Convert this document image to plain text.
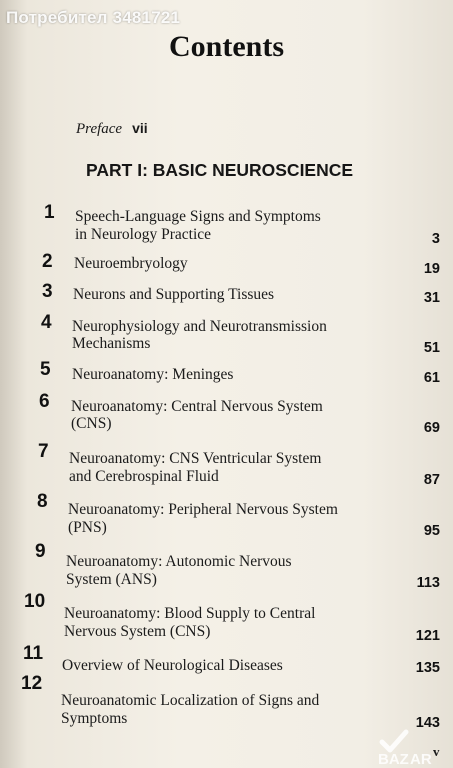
Потребител 3481721
Contents
Preface vii
PART I: BASIC NEUROSCIENCE
1 Speech-Language Signs and Symptoms
in Neurology Practice	3
2 Neuroembryology	19
3 Neurons and Supporting Tissues	31
4 Neurophysiology and Neurotransmission
Mechanisms	51
5 Neuroanatomy: Meninges	61
6 Neuroanatomy: Central Nervous System
(CNS)	69
7 Neuroanatomy: CNS Ventricular System
and Cerebrospinal Fluid	87
8 Neuroanatomy: Peripheral Nervous System
(PNS)	95
9 Neuroanatomy: Autonomic Nervous
System (ANS)	113
10
Neuroanatomy: Blood Supply to Central
Nervous System (CNS)	121
11
Overview of Neurological Diseases	135
12
Neuroanatomic Localization of Signs and
Symptoms	143
BAZ AR v
